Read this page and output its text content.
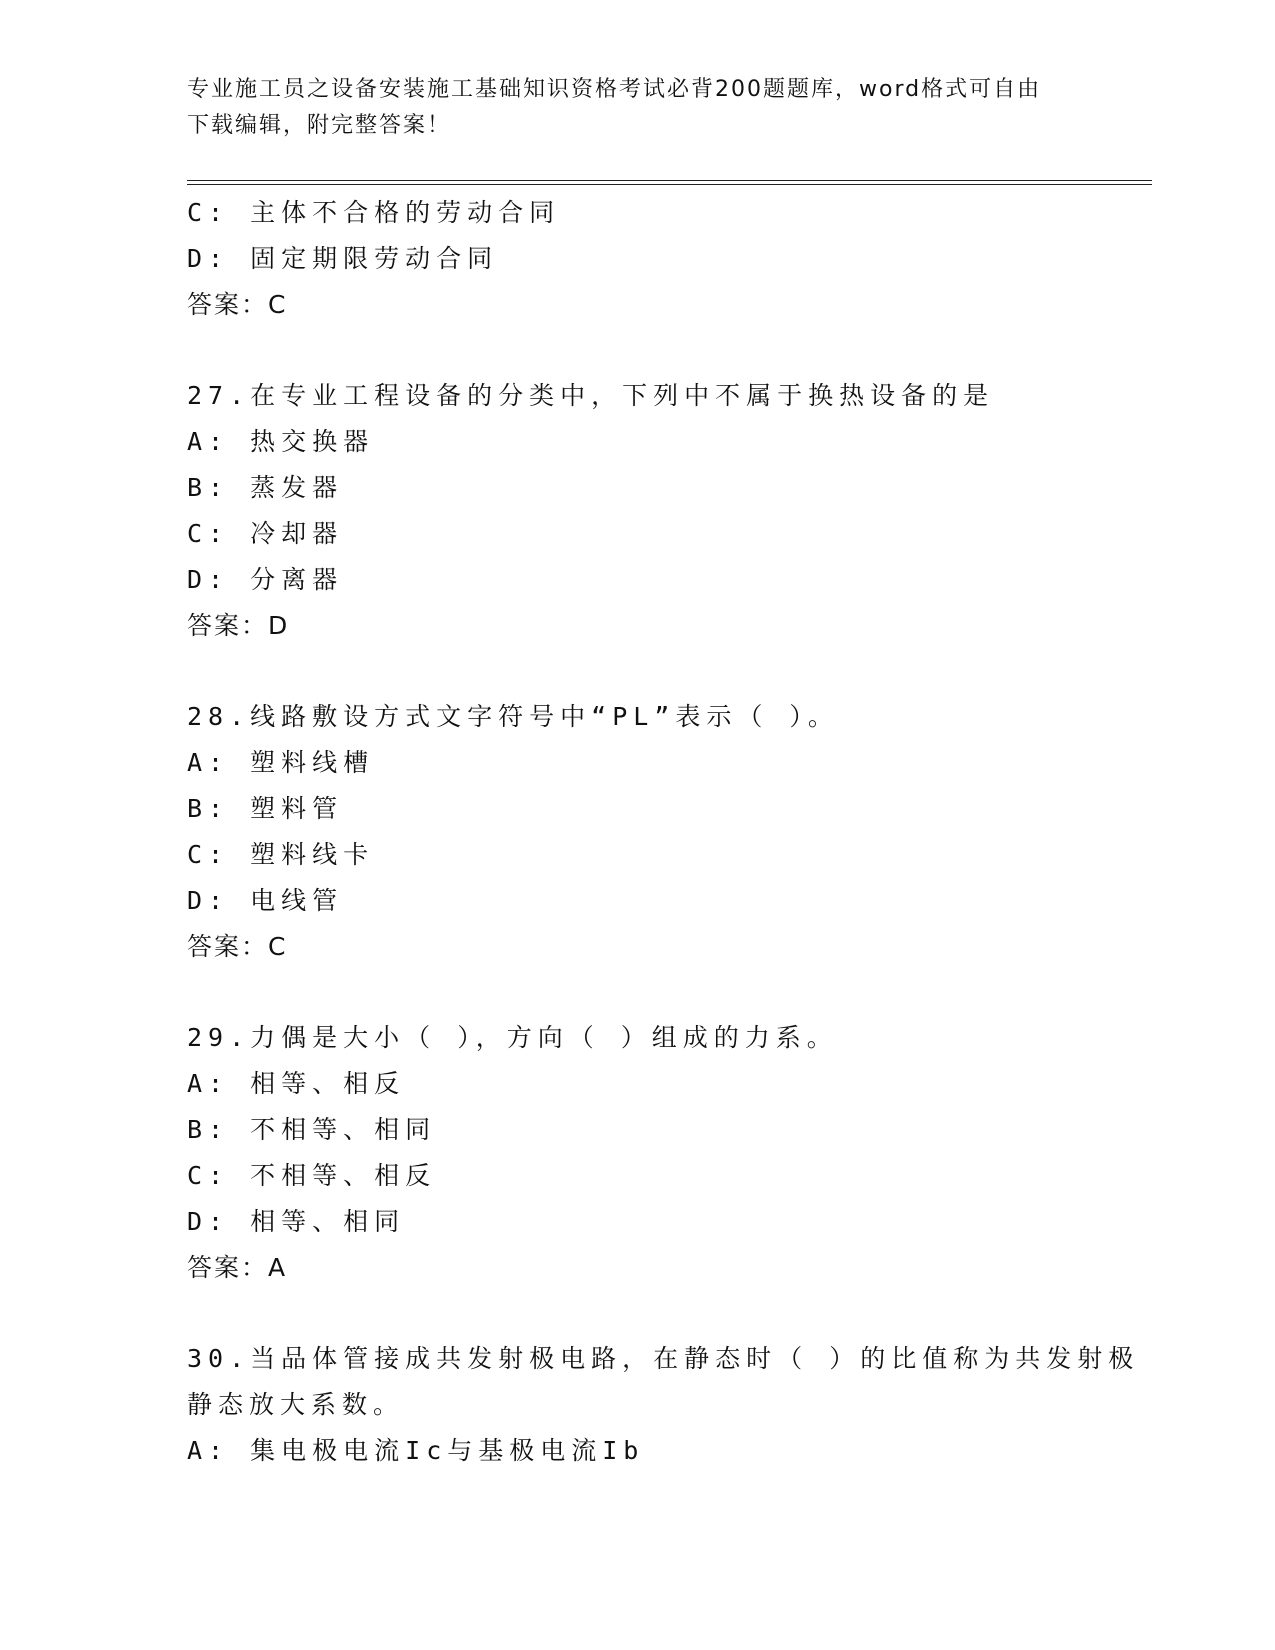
专业施工员之设备安装施工基础知识资格考试必背200题题库，word格式可自由
下载编辑，附完整答案！
C: 主体不合格的劳动合同
D: 固定期限劳动合同
答案：C
27.在专业工程设备的分类中，下列中不属于换热设备的是
A: 热交换器
B: 蒸发器
C: 冷却器
D: 分离器
答案：D
28.线路敷设方式文字符号中“PL”表示（ ）。
A: 塑料线槽
B: 塑料管
C: 塑料线卡
D: 电线管
答案：C
29.力偶是大小（ ），方向（ ）组成的力系。
A: 相等、相反
B: 不相等、相同
C: 不相等、相反
D: 相等、相同
答案：A
30.当品体管接成共发射极电路，在静态时（ ）的比值称为共发射极
静态放大系数。
A: 集电极电流Ic与基极电流Ib
